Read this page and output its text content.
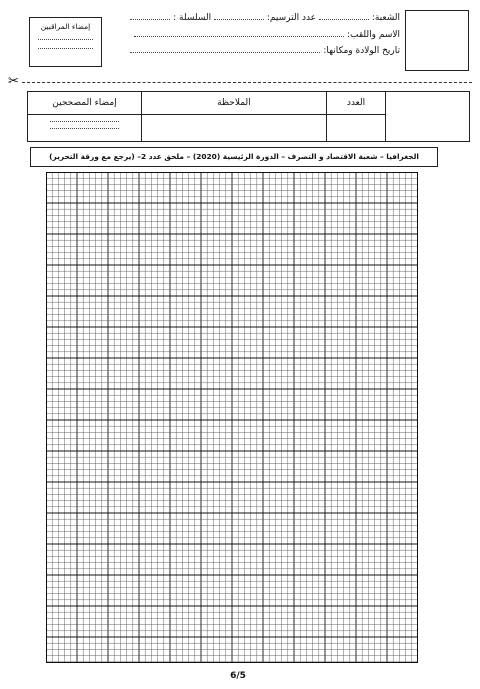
الشعبة:  عدد الترسيم:  السلسلة :
الاسم واللقب:
تاريخ الولادة ومكانها:
إمضاء المراقبين
✂
إمضاء المصححين	الملاحظة	العدد	

الجغرافيا – شعبة الاقتصاد و التصرف – الدورة الرئيسية (2020) – ملحق عدد 2– (يرجع مع ورقة التحرير)
6/5
